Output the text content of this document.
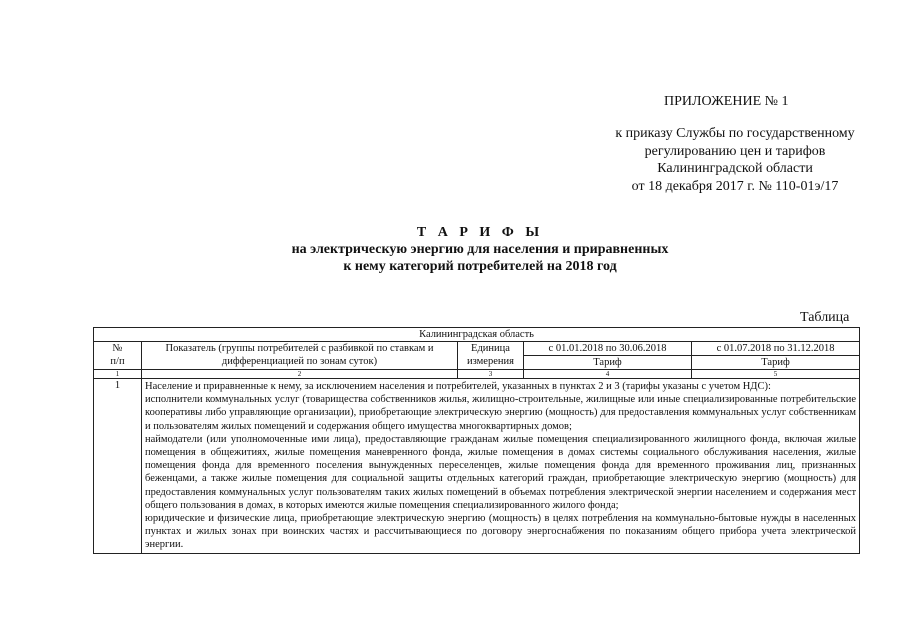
ПРИЛОЖЕНИЕ № 1
к приказу Службы по государственному
регулированию цен и тарифов
Калининградской области
от 18 декабря 2017 г. № 110-01э/17
Т А Р И Ф Ы
на электрическую энергию для населения и приравненных
к нему категорий потребителей на 2018 год
Таблица
Калининградская область				

№
п/п	Показатель (группы потребителей с разбивкой по ставкам и дифференциацией по зонам суток)	Единица измерения	с 01.01.2018 по 30.06.2018	с 01.07.2018 по 31.12.2018
			Тариф	Тариф
1	2	3	4	5
1	Население и приравненные к нему, за исключением населения и потребителей, указанных в пунктах 2 и 3 (тарифы указаны с учетом НДС):

исполнители коммунальных услуг (товарищества собственников жилья, жилищно-строительные, жилищные или иные специализированные потребительские кооперативы либо управляющие организации), приобретающие электрическую энергию (мощность) для предоставления коммунальных услуг собственникам и пользователям жилых помещений и содержания общего имущества многоквартирных домов;

наймодатели (или уполномоченные ими лица), предоставляющие гражданам жилые помещения специализированного жилищного фонда, включая жилые помещения в общежитиях, жилые помещения маневренного фонда, жилые помещения в домах системы социального обслуживания населения, жилые помещения фонда для временного поселения вынужденных переселенцев, жилые помещения фонда для временного проживания лиц, признанных беженцами, а также жилые помещения для социальной защиты отдельных категорий граждан, приобретающие электрическую энергию (мощность) для предоставления коммунальных услуг пользователям таких жилых помещений в объемах потребления электрической энергии населением и содержания мест общего пользования в домах, в которых имеются жилые помещения специализированного жилого фонда;

юридические и физические лица, приобретающие электрическую энергию (мощность) в целях потребления на коммунально-бытовые нужды в населенных пунктах и жилых зонах при воинских частях и рассчитывающиеся по договору энергоснабжения по показаниям общего прибора учета электрической энергии.			
